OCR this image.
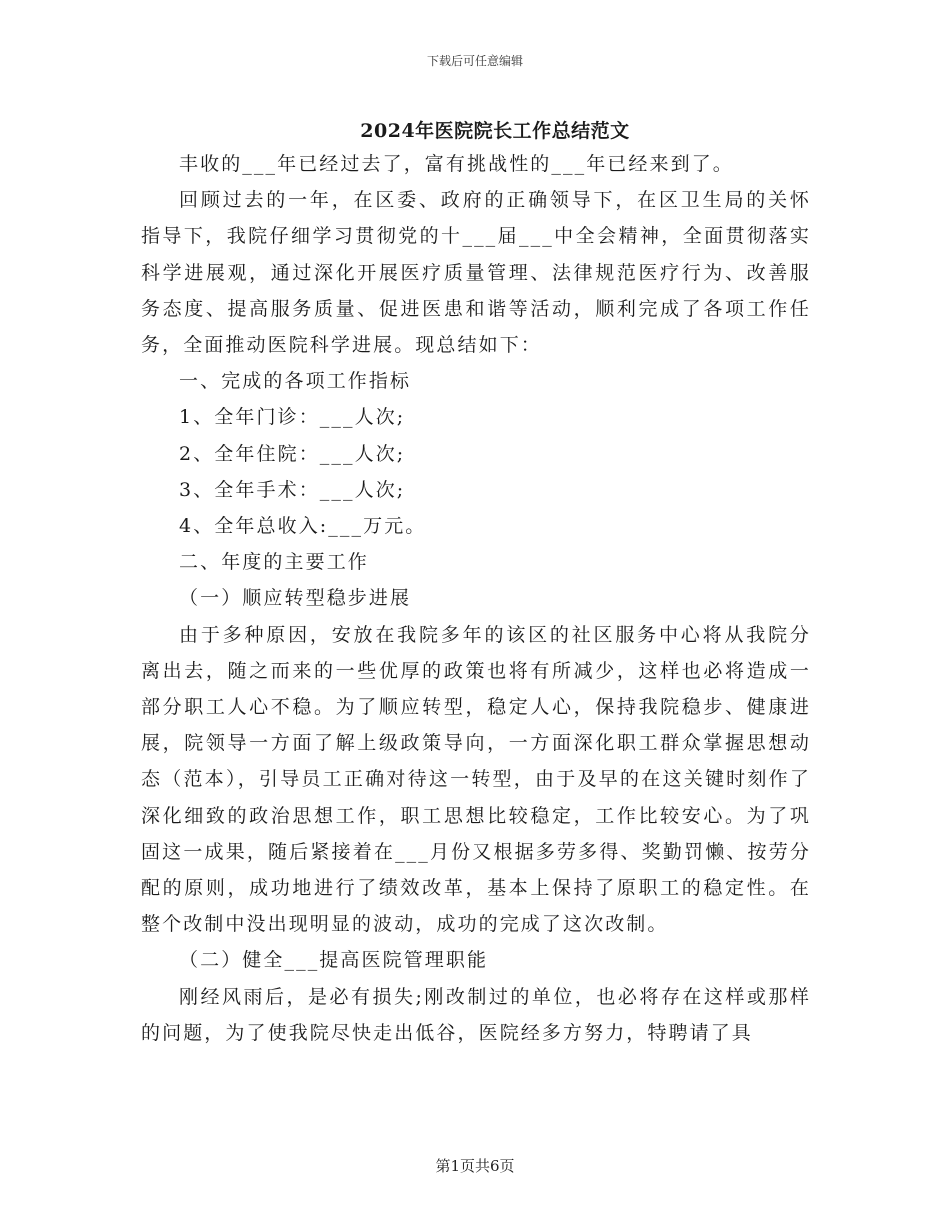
下载后可任意编辑
2024年医院院长工作总结范文

丰收的___年已经过去了，富有挑战性的___年已经来到了。

回顾过去的一年，在区委、政府的正确领导下，在区卫生局的关怀指导下，我院仔细学习贯彻党的十___届___中全会精神，全面贯彻落实科学进展观，通过深化开展医疗质量管理、法律规范医疗行为、改善服务态度、提高服务质量、促进医患和谐等活动，顺利完成了各项工作任务，全面推动医院科学进展。现总结如下：

一、完成的各项工作指标

1、全年门诊：___人次;

2、全年住院：___人次;

3、全年手术：___人次;

4、全年总收入:___万元。

二、年度的主要工作

（一）顺应转型稳步进展

由于多种原因，安放在我院多年的该区的社区服务中心将从我院分离出去，随之而来的一些优厚的政策也将有所减少，这样也必将造成一部分职工人心不稳。为了顺应转型，稳定人心，保持我院稳步、健康进展，院领导一方面了解上级政策导向，一方面深化职工群众掌握思想动态（范本），引导员工正确对待这一转型，由于及早的在这关键时刻作了深化细致的政治思想工作，职工思想比较稳定，工作比较安心。为了巩固这一成果，随后紧接着在___月份又根据多劳多得、奖勤罚懒、按劳分配的原则，成功地进行了绩效改革，基本上保持了原职工的稳定性。在整个改制中没出现明显的波动，成功的完成了这次改制。

（二）健全___提高医院管理职能

刚经风雨后，是必有损失;刚改制过的单位，也必将存在这样或那样的问题，为了使我院尽快走出低谷，医院经多方努力，特聘请了具

第1页共6页
